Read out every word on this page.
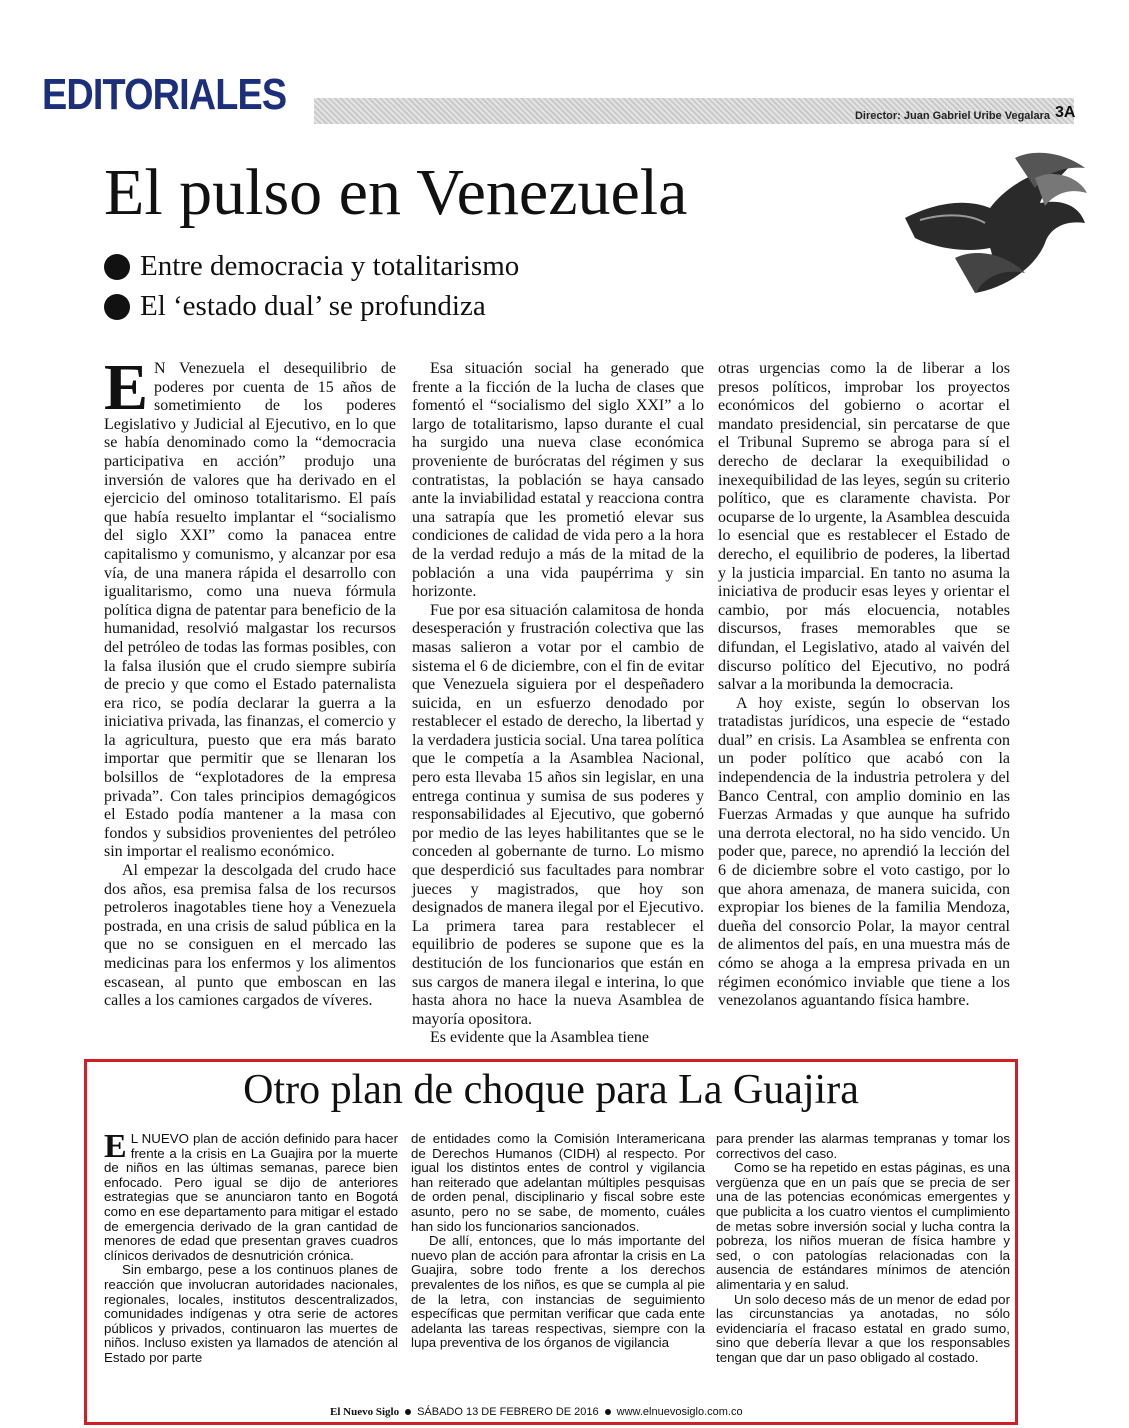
EDITORIALES	Director: Juan Gabriel Uribe Vegalara 3A
El pulso en Venezuela
Entre democracia y totalitarismo
El ‘estado dual’ se profundiza
E N Venezuela el desequilibrio de poderes por cuenta de 15 años de sometimiento de los poderes Legislativo y Judicial al Ejecutivo, en lo que se había denominado como la “democracia participativa en acción” produjo una inversión de valores que ha derivado en el ejercicio del ominoso totalitarismo. El país que había resuelto implantar el “socialismo del siglo XXI” como la panacea entre capitalismo y comunismo, y alcanzar por esa vía, de una manera rápida el desarrollo con igualitarismo, como una nueva fórmula política digna de patentar para beneficio de la humanidad, resolvió malgastar los recursos del petróleo de todas las formas posibles, con la falsa ilusión que el crudo siempre subiría de precio y que como el Estado paternalista era rico, se podía declarar la guerra a la iniciativa privada, las finanzas, el comercio y la agricultura, puesto que era más barato importar que permitir que se llenaran los bolsillos de “explotadores de la empresa privada”. Con tales principios demagógicos el Estado podía mantener a la masa con fondos y subsidios provenientes del petróleo sin importar el realismo económico.

Al empezar la descolgada del crudo hace dos años, esa premisa falsa de los recursos petroleros inagotables tiene hoy a Venezuela postrada, en una crisis de salud pública en la que no se consiguen en el mercado las medicinas para los enfermos y los alimentos escasean, al punto que emboscan en las calles a los camiones cargados de víveres.

Esa situación social ha generado que frente a la ficción de la lucha de clases que fomentó el “socialismo del siglo XXI” a lo largo de totalitarismo, lapso durante el cual ha surgido una nueva clase económica proveniente de burócratas del régimen y sus contratistas, la población se haya cansado ante la inviabilidad estatal y reacciona contra una satrapía que les prometió elevar sus condiciones de calidad de vida pero a la hora de la verdad redujo a más de la mitad de la población a una vida paupérrima y sin horizonte.

Fue por esa situación calamitosa de honda desesperación y frustración colectiva que las masas salieron a votar por el cambio de sistema el 6 de diciembre, con el fin de evitar que Venezuela siguiera por el despeñadero suicida, en un esfuerzo denodado por restablecer el estado de derecho, la libertad y la verdadera justicia social. Una tarea política que le competía a la Asamblea Nacional, pero esta llevaba 15 años sin legislar, en una entrega continua y sumisa de sus poderes y responsabilidades al Ejecutivo, que gobernó por medio de las leyes habilitantes que se le conceden al gobernante de turno. Lo mismo que desperdició sus facultades para nombrar jueces y magistrados, que hoy son designados de manera ilegal por el Ejecutivo. La primera tarea para restablecer el equilibrio de poderes se supone que es la destitución de los funcionarios que están en sus cargos de manera ilegal e interina, lo que hasta ahora no hace la nueva Asamblea de mayoría opositora.

Es evidente que la Asamblea tiene

otras urgencias como la de liberar a los presos políticos, improbar los proyectos económicos del gobierno o acortar el mandato presidencial, sin percatarse de que el Tribunal Supremo se abroga para sí el derecho de declarar la exequibilidad o inexequibilidad de las leyes, según su criterio político, que es claramente chavista. Por ocuparse de lo urgente, la Asamblea descuida lo esencial que es restablecer el Estado de derecho, el equilibrio de poderes, la libertad y la justicia imparcial. En tanto no asuma la iniciativa de producir esas leyes y orientar el cambio, por más elocuencia, notables discursos, frases memorables que se difundan, el Legislativo, atado al vaivén del discurso político del Ejecutivo, no podrá salvar a la moribunda la democracia.

A hoy existe, según lo observan los tratadistas jurídicos, una especie de “estado dual” en crisis. La Asamblea se enfrenta con un poder político que acabó con la independencia de la industria petrolera y del Banco Central, con amplio dominio en las Fuerzas Armadas y que aunque ha sufrido una derrota electoral, no ha sido vencido. Un poder que, parece, no aprendió la lección del 6 de diciembre sobre el voto castigo, por lo que ahora amenaza, de manera suicida, con expropiar los bienes de la familia Mendoza, dueña del consorcio Polar, la mayor central de alimentos del país, en una muestra más de cómo se ahoga a la empresa privada en un régimen económico inviable que tiene a los venezolanos aguantando física hambre.

Otro plan de choque para La Guajira
E L NUEVO plan de acción definido para hacer frente a la crisis en La Guajira por la muerte de niños en las últimas semanas, parece bien enfocado. Pero igual se dijo de anteriores estrategias que se anunciaron tanto en Bogotá como en ese departamento para mitigar el estado de emergencia derivado de la gran cantidad de menores de edad que presentan graves cuadros clínicos derivados de desnutrición crónica.

Sin embargo, pese a los continuos planes de reacción que involucran autoridades nacionales, regionales, locales, institutos descentralizados, comunidades indígenas y otra serie de actores públicos y privados, continuaron las muertes de niños. Incluso existen ya llamados de atención al Estado por parte

de entidades como la Comisión Interamericana de Derechos Humanos (CIDH) al respecto. Por igual los distintos entes de control y vigilancia han reiterado que adelantan múltiples pesquisas de orden penal, disciplinario y fiscal sobre este asunto, pero no se sabe, de momento, cuáles han sido los funcionarios sancionados.

De allí, entonces, que lo más importante del nuevo plan de acción para afrontar la crisis en La Guajira, sobre todo frente a los derechos prevalentes de los niños, es que se cumpla al pie de la letra, con instancias de seguimiento específicas que permitan verificar que cada ente adelanta las tareas respectivas, siempre con la lupa preventiva de los órganos de vigilancia

para prender las alarmas tempranas y tomar los correctivos del caso.

Como se ha repetido en estas páginas, es una vergüenza que en un país que se precia de ser una de las potencias económicas emergentes y que publicita a los cuatro vientos el cumplimiento de metas sobre inversión social y lucha contra la pobreza, los niños mueran de física hambre y sed, o con patologías relacionadas con la ausencia de estándares mínimos de atención alimentaria y en salud.

Un solo deceso más de un menor de edad por las circunstancias ya anotadas, no sólo evidenciaría el fracaso estatal en grado sumo, sino que debería llevar a que los responsables tengan que dar un paso obligado al costado.

El Nuevo Siglo SÁBADO 13 DE FEBRERO DE 2016 www.elnuevosiglo.com.co
